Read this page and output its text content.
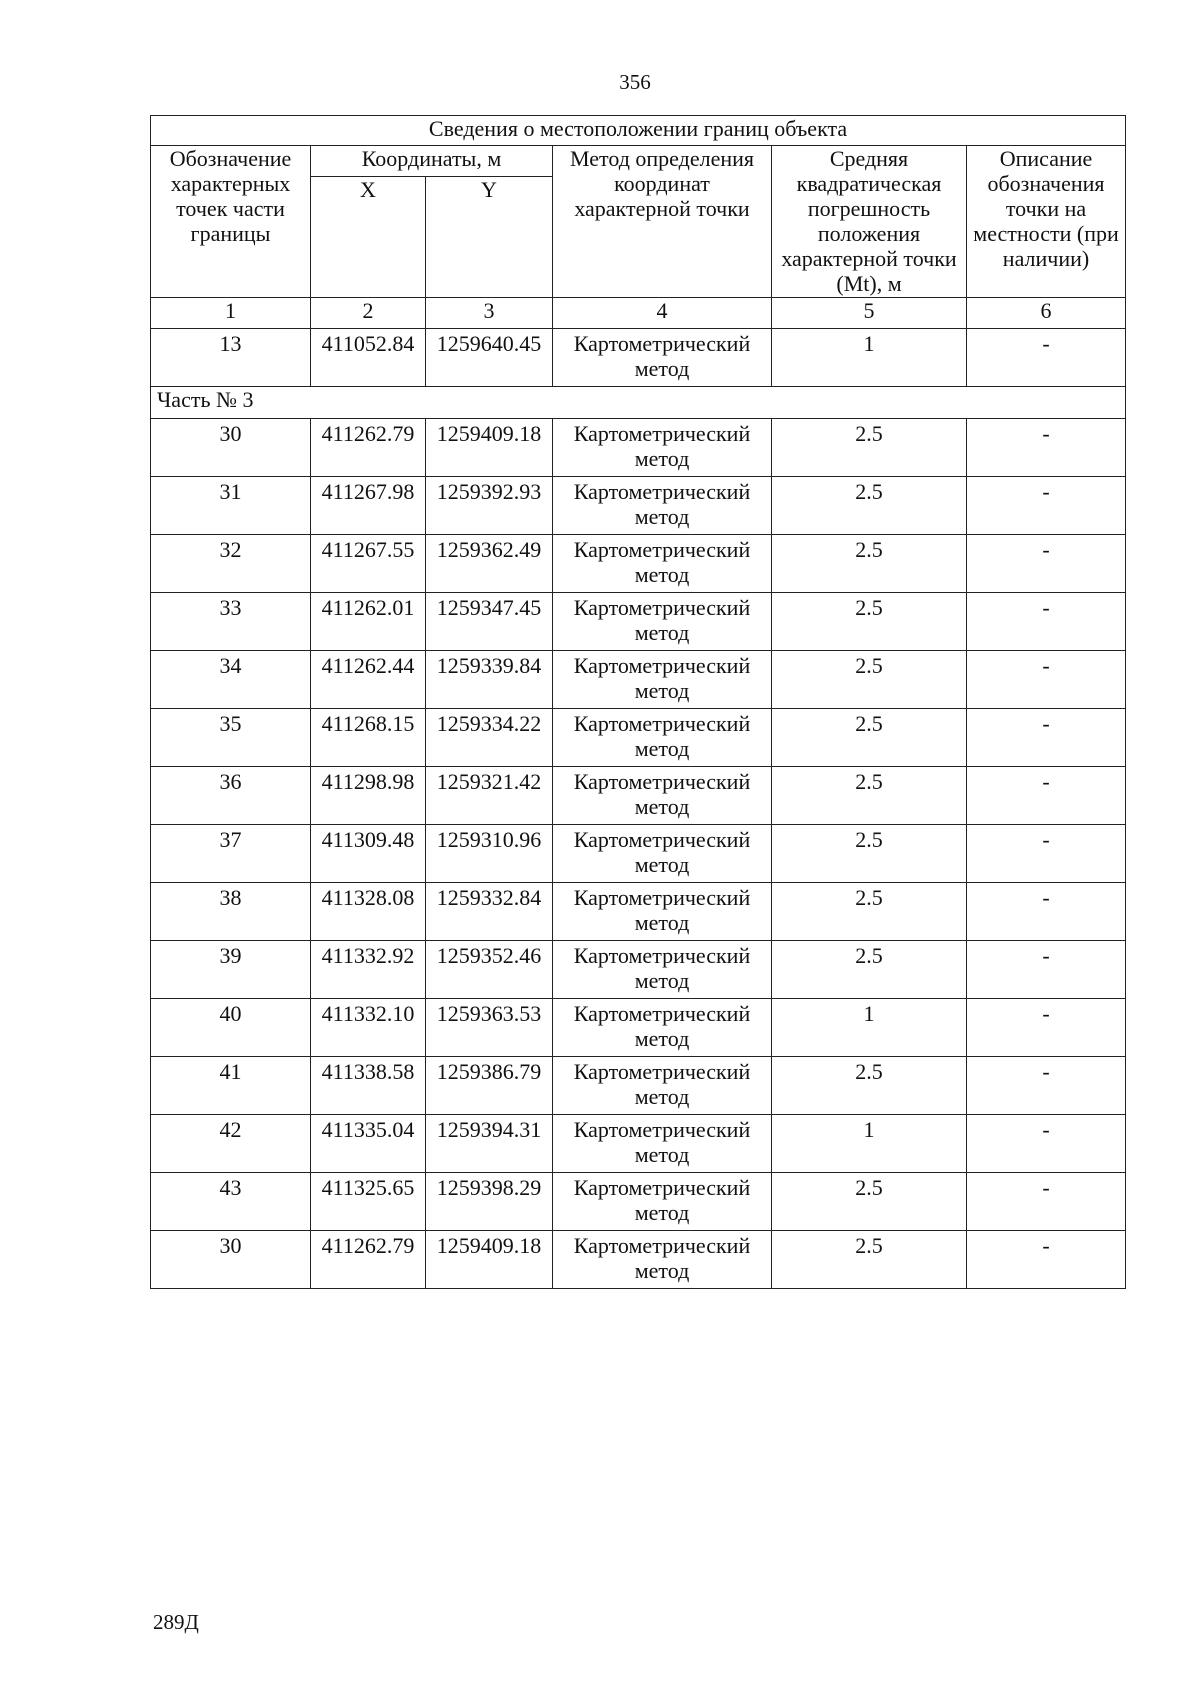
356
Сведения о местоположении границ объекта					
Обозначение характерных точек части границы	Координаты, м		Метод определения координат характерной точки	Средняя квадратическая погрешность положения характерной точки (Mt), м	Описание обозначения точки на местности (при наличии)
	X	Y			
1	2	3	4	5	6
13	411052.84	1259640.45	Картометрический метод	1	-
Часть № 3					
30	411262.79	1259409.18	Картометрический метод	2.5	-
31	411267.98	1259392.93	Картометрический метод	2.5	-
32	411267.55	1259362.49	Картометрический метод	2.5	-
33	411262.01	1259347.45	Картометрический метод	2.5	-
34	411262.44	1259339.84	Картометрический метод	2.5	-
35	411268.15	1259334.22	Картометрический метод	2.5	-
36	411298.98	1259321.42	Картометрический метод	2.5	-
37	411309.48	1259310.96	Картометрический метод	2.5	-
38	411328.08	1259332.84	Картометрический метод	2.5	-
39	411332.92	1259352.46	Картометрический метод	2.5	-
40	411332.10	1259363.53	Картометрический метод	1	-
41	411338.58	1259386.79	Картометрический метод	2.5	-
42	411335.04	1259394.31	Картометрический метод	1	-
43	411325.65	1259398.29	Картометрический метод	2.5	-
30	411262.79	1259409.18	Картометрический метод	2.5	-
289Д
